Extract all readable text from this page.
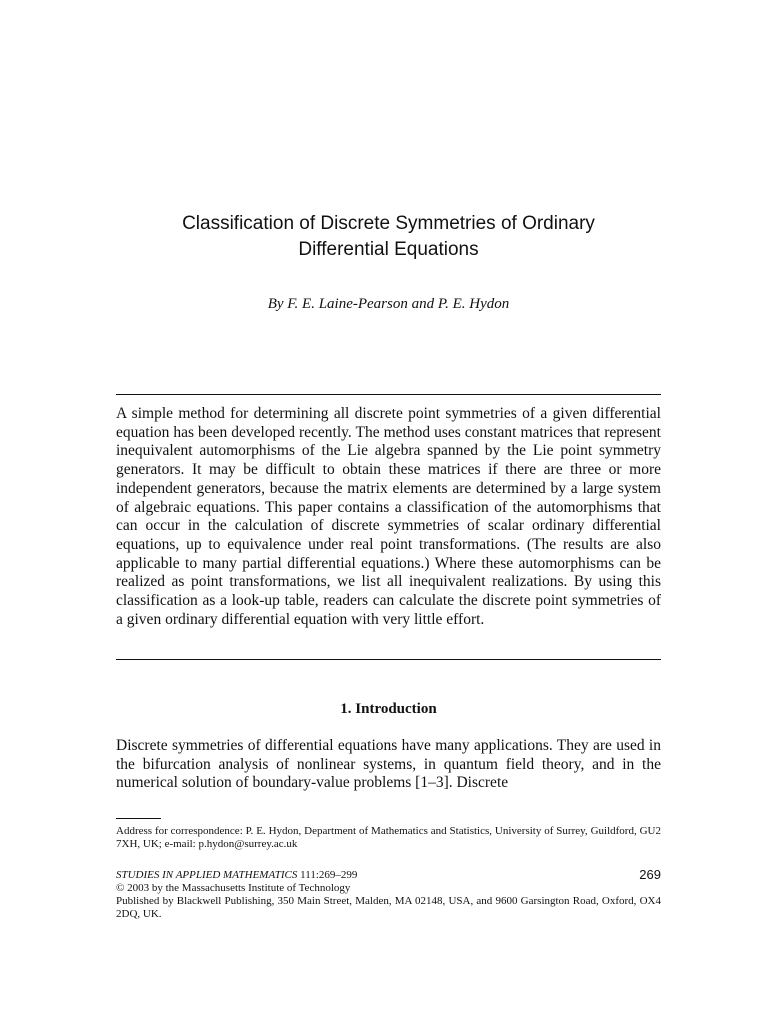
Classification of Discrete Symmetries of Ordinary
Differential Equations
By F. E. Laine-Pearson and P. E. Hydon

A simple method for determining all discrete point symmetries of a given differential equation has been developed recently. The method uses constant matrices that represent inequivalent automorphisms of the Lie algebra spanned by the Lie point symmetry generators. It may be difficult to obtain these matrices if there are three or more independent generators, because the matrix elements are determined by a large system of algebraic equations. This paper contains a classification of the automorphisms that can occur in the calculation of discrete symmetries of scalar ordinary differential equations, up to equivalence under real point transformations. (The results are also applicable to many partial differential equations.) Where these automorphisms can be realized as point transformations, we list all inequivalent realizations. By using this classification as a look-up table, readers can calculate the discrete point symmetries of a given ordinary differential equation with very little effort.

1. Introduction

Discrete symmetries of differential equations have many applications. They are used in the bifurcation analysis of nonlinear systems, in quantum field theory, and in the numerical solution of boundary-value problems [1–3]. Discrete

Address for correspondence: P. E. Hydon, Department of Mathematics and Statistics, University of Surrey, Guildford, GU2 7XH, UK; e-mail: p.hydon@surrey.ac.uk

STUDIES IN APPLIED MATHEMATICS 111:269–299	269
© 2003 by the Massachusetts Institute of Technology

Published by Blackwell Publishing, 350 Main Street, Malden, MA 02148, USA, and 9600 Garsington Road, Oxford, OX4 2DQ, UK.
